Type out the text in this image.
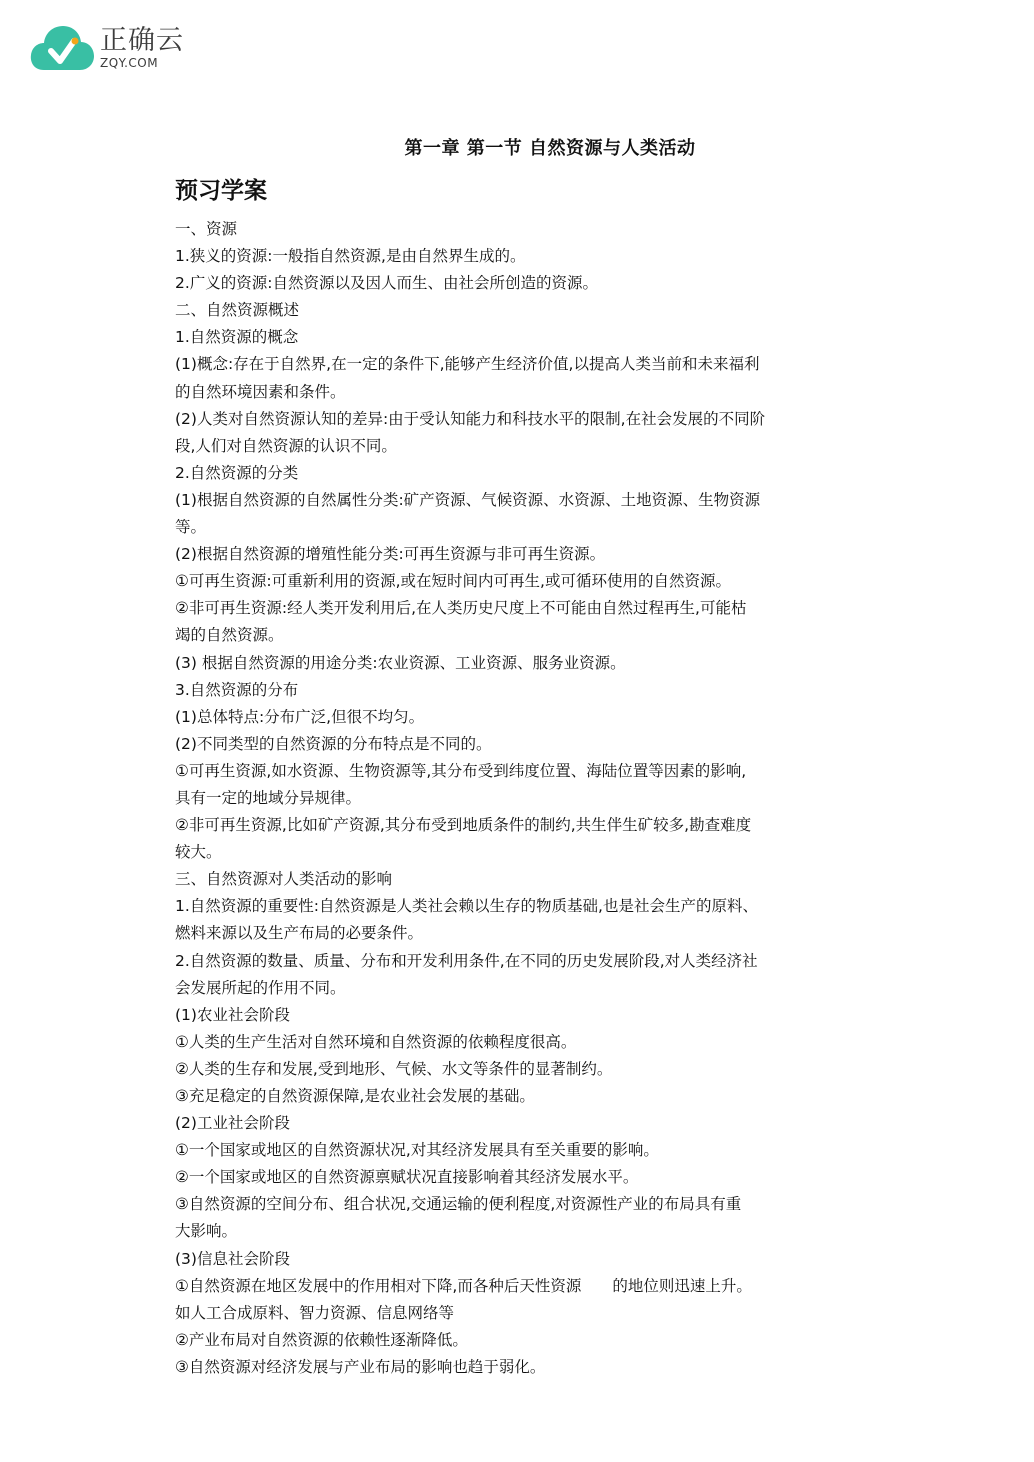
正确云
ZQY.COM
第一章 第一节 自然资源与人类活动
预习学案
一、资源
1.狭义的资源:一般指自然资源,是由自然界生成的。
2.广义的资源:自然资源以及因人而生、由社会所创造的资源。
二、自然资源概述
1.自然资源的概念
(1)概念:存在于自然界,在一定的条件下,能够产生经济价值,以提高人类当前和未来福利
的自然环境因素和条件。
(2)人类对自然资源认知的差异:由于受认知能力和科技水平的限制,在社会发展的不同阶
段,人们对自然资源的认识不同。
2.自然资源的分类
(1)根据自然资源的自然属性分类:矿产资源、气候资源、水资源、土地资源、生物资源
等。
(2)根据自然资源的增殖性能分类:可再生资源与非可再生资源。
①可再生资源:可重新利用的资源,或在短时间内可再生,或可循环使用的自然资源。
②非可再生资源:经人类开发利用后,在人类历史尺度上不可能由自然过程再生,可能枯
竭的自然资源。
(3) 根据自然资源的用途分类:农业资源、工业资源、服务业资源。
3.自然资源的分布
(1)总体特点:分布广泛,但很不均匀。
(2)不同类型的自然资源的分布特点是不同的。
①可再生资源,如水资源、生物资源等,其分布受到纬度位置、海陆位置等因素的影响,
具有一定的地域分异规律。
②非可再生资源,比如矿产资源,其分布受到地质条件的制约,共生伴生矿较多,勘查难度
较大。
三、自然资源对人类活动的影响
1.自然资源的重要性:自然资源是人类社会赖以生存的物质基础,也是社会生产的原料、
燃料来源以及生产布局的必要条件。
2.自然资源的数量、质量、分布和开发利用条件,在不同的历史发展阶段,对人类经济社
会发展所起的作用不同。
(1)农业社会阶段
①人类的生产生活对自然环境和自然资源的依赖程度很高。
②人类的生存和发展,受到地形、气候、水文等条件的显著制约。
③充足稳定的自然资源保障,是农业社会发展的基础。
(2)工业社会阶段
①一个国家或地区的自然资源状况,对其经济发展具有至关重要的影响。
②一个国家或地区的自然资源禀赋状况直接影响着其经济发展水平。
③自然资源的空间分布、组合状况,交通运输的便利程度,对资源性产业的布局具有重
大影响。
(3)信息社会阶段
①自然资源在地区发展中的作用相对下降,而各种后天性资源　　的地位则迅速上升。
如人工合成原料、智力资源、信息网络等
②产业布局对自然资源的依赖性逐渐降低。
③自然资源对经济发展与产业布局的影响也趋于弱化。
